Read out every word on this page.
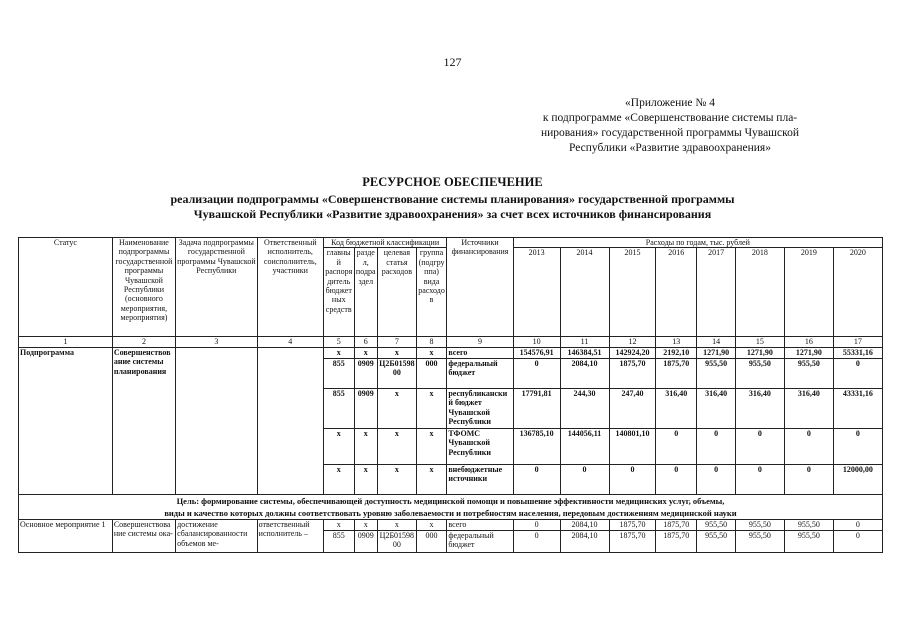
127
«Приложение № 4
к подпрограмме «Совершенствование системы пла-
нирования» государственной программы Чувашской
Республики «Развитие здравоохранения»
РЕСУРСНОЕ ОБЕСПЕЧЕНИЕ
реализации подпрограммы «Совершенствование системы планирования» государственной программы
Чувашской Республики «Развитие здравоохранения» за счет всех источников финансирования
Статус	Наименование подпрограммы государственной программы Чувашской Республики (основного мероприятия, мероприятия)	Задача подпрограммы государственной программы Чувашской Республики	Ответственный исполнитель, соисполнитель, участники	Код бюджетной классификации				Источники финансирования	Расходы по годам, тыс. рублей							
				главный распорядитель бюджетных средств	раздел, подраздел	целевая статья расходов	группа (подгруппа) вида расходов		2013	2014	2015	2016	2017	2018	2019	2020
1	2	3	4	5	6	7	8	9	10	11	12	13	14	15	16	17
Подпрограмма	Совершенствование системы планирования			x	x	x	x	всего	154576,91	146384,51	142924,20	2192,10	1271,90	1271,90	1271,90	55331,16
				855	0909	Ц2Б0159800	000	федеральный бюджет	0	2084,10	1875,70	1875,70	955,50	955,50	955,50	0
				855	0909	x	x	республиканский бюджет Чувашской Республики	17791,81	244,30	247,40	316,40	316,40	316,40	316,40	43331,16
				x	x	x	x	ТФОМС Чувашской Республики	136785,10	144056,11	140801,10	0	0	0	0	0
				x	x	x	x	внебюджетные источники	0	0	0	0	0	0	0	12000,00

Цель: формирование системы, обеспечивающей доступность медицинской помощи и повышение эффективности медицинских услуг, объемы,
виды и качество которых должны соответствовать уровню заболеваемости и потребностям населения, передовым достижениям медицинской науки																

Основное мероприятие 1	Совершенствование системы ока-	достижение сбалансированности объемов ме-	ответственный исполнитель –	x	x	x	x	всего	0	2084,10	1875,70	1875,70	955,50	955,50	955,50	0
				855	0909	Ц2Б0159800	000	федеральный бюджет	0	2084,10	1875,70	1875,70	955,50	955,50	955,50	0
